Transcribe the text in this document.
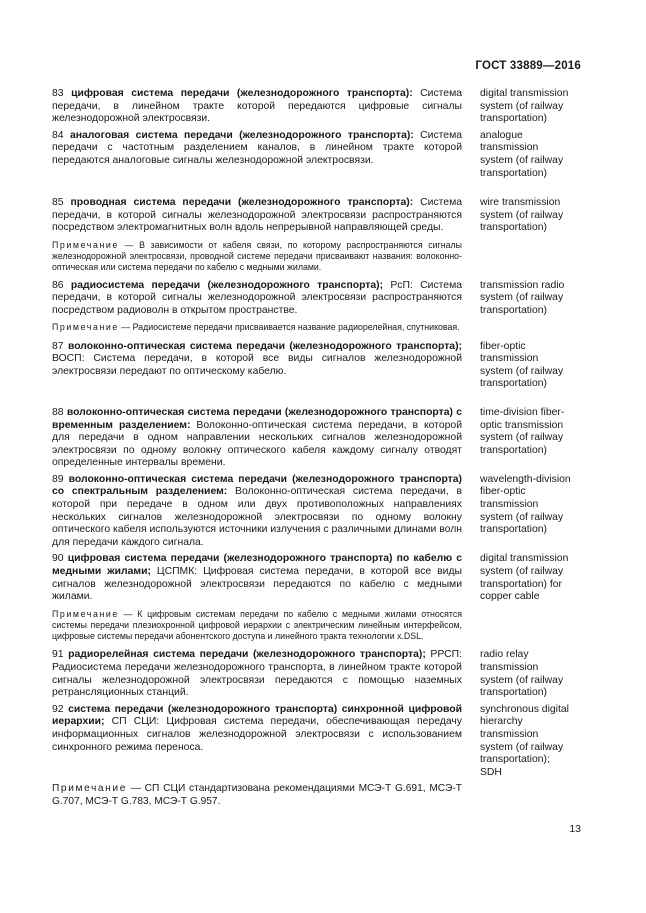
ГОСТ 33889—2016
83 цифровая система передачи (железнодорожного транспорта): Система передачи, в линейном тракте которой передаются цифровые сигналы железнодорожной электросвязи.
digital transmission system (of railway transportation)
84 аналоговая система передачи (железнодорожного транспорта): Система передачи с частотным разделением каналов, в линейном тракте которой передаются аналоговые сигналы железнодорожной электросвязи.
analogue transmission system (of railway transportation)
85 проводная система передачи (железнодорожного транспорта): Система передачи, в которой сигналы железнодорожной электросвязи распространяются посредством электромагнитных волн вдоль непрерывной направляющей среды.
wire transmission system (of railway transportation)
Примечание — В зависимости от кабеля связи, по которому распространяются сигналы железнодорожной электросвязи, проводной системе передачи присваивают названия: волоконно-оптическая или система передачи по кабелю с медными жилами.
86 радиосистема передачи (железнодорожного транспорта); РсП: Система передачи, в которой сигналы железнодорожной электросвязи распространяются посредством радиоволн в открытом пространстве.
transmission radio system (of railway transportation)
Примечание — Радиосистеме передачи присваивается название радиорелейная, спутниковая.
87 волоконно-оптическая система передачи (железнодорожного транспорта); ВОСП: Система передачи, в которой все виды сигналов железнодорожной электросвязи передают по оптическому кабелю.
fiber-optic transmission system (of railway transportation)
88 волоконно-оптическая система передачи (железнодорожного транспорта) с временным разделением: Волоконно-оптическая система передачи, в которой для передачи в одном направлении нескольких сигналов железнодорожной электросвязи по одному волокну оптического кабеля каждому сигналу отводят определенные интервалы времени.
time-division fiber-optic transmission system (of railway transportation)
89 волоконно-оптическая система передачи (железнодорожного транспорта) со спектральным разделением: Волоконно-оптическая система передачи, в которой при передаче в одном или двух противоположных направлениях нескольких сигналов железнодорожной электросвязи по одному волокну оптического кабеля используются источники излучения с различными длинами волн для передачи каждого сигнала.
wavelength-division fiber-optic transmission system (of railway transportation)
90 цифровая система передачи (железнодорожного транспорта) по кабелю с медными жилами; ЦСПМК: Цифровая система передачи, в которой все виды сигналов железнодорожной электросвязи передаются по кабелю с медными жилами.
digital transmission system (of railway transportation) for copper cable
Примечание — К цифровым системам передачи по кабелю с медными жилами относятся системы передачи плезиохронной цифровой иерархии с электрическим линейным интерфейсом, цифровые системы передачи абонентского доступа и линейного тракта технологии x.DSL.
91 радиорелейная система передачи (железнодорожного транспорта); РРСП: Радиосистема передачи железнодорожного транспорта, в линейном тракте которой сигналы железнодорожной электросвязи передаются с помощью наземных ретрансляционных станций.
radio relay transmission system (of railway transportation)
92 система передачи (железнодорожного транспорта) синхронной цифровой иерархии; СП СЦИ: Цифровая система передачи, обеспечивающая передачу информационных сигналов железнодорожной электросвязи с использованием синхронного режима переноса.
synchronous digital hierarchy transmission system (of railway transportation); SDH
Примечание — СП СЦИ стандартизована рекомендациями МСЭ-Т G.691, МСЭ-Т G.707, МСЭ-Т G.783, МСЭ-Т G.957.
13
